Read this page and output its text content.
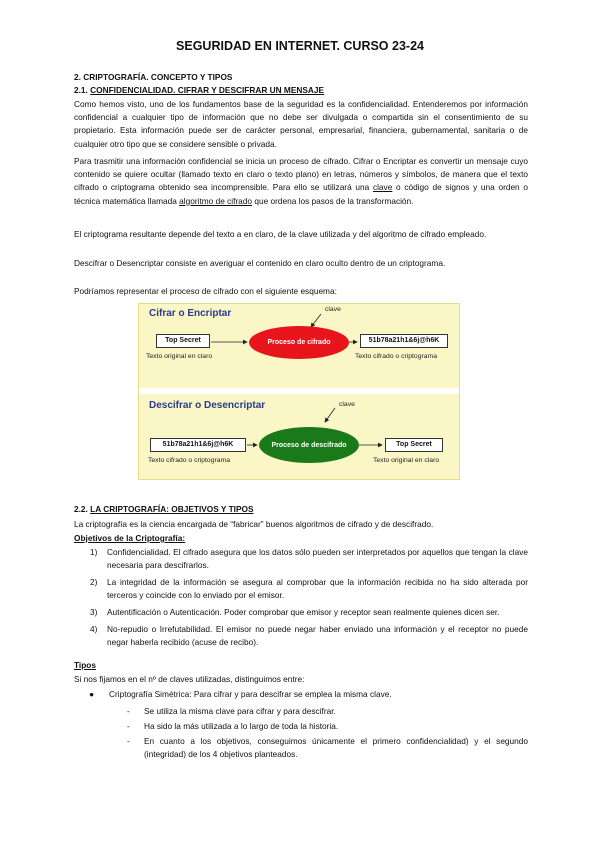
SEGURIDAD EN INTERNET. CURSO 23-24
2. CRIPTOGRAFÍA. CONCEPTO Y TIPOS
2.1. CONFIDENCIALIDAD. CIFRAR Y DESCIFRAR UN MENSAJE
Como hemos visto, uno de los fundamentos base de la seguridad es la confidencialidad. Entenderemos por información confidencial a cualquier tipo de información que no debe ser divulgada o compartida sin el consentimiento de su propietario. Esta información puede ser de carácter personal, empresarial, financiera, gubernamental, sanitaria o de cualquier otro tipo que se considere sensible o privada.
Para trasmitir una información confidencial se inicia un proceso de cifrado. Cifrar o Encriptar es convertir un mensaje cuyo contenido se quiere ocultar (llamado texto en claro o texto plano) en letras, números y símbolos, de manera que el texto cifrado o criptograma obtenido sea incomprensible. Para ello se utilizará una clave o código de signos y una orden o técnica matemática llamada algoritmo de cifrado que ordena los pasos de la transformación.
El criptograma resultante depende del texto a en claro, de la clave utilizada y del algoritmo de cifrado empleado.
Descifrar o Desencriptar consiste en averiguar el contenido en claro oculto dentro de un criptograma.
Podríamos representar el proceso de cifrado con el siguiente esquema:
Cifrar o Encriptar
Descifrar o Desencriptar
clave
clave
Top Secret
Texto original en claro
Proceso de cifrado	51b78a21h1&6j@h6K
Texto cifrado o criptograma
51b78a21h1&6j@h6K
Texto cifrado o criptograma
Proceso de descifrado	Top Secret
Texto original en claro
2.2. LA CRIPTOGRAFÍA: OBJETIVOS Y TIPOS
La criptografía es la ciencia encargada de “fabricar” buenos algoritmos de cifrado y de descifrado.
Objetivos de la Criptografía:
1) Confidencialidad. El cifrado asegura que los datos sólo pueden ser interpretados por aquellos que tengan la clave necesaria para descifrarlos.
2) La integridad de la información se asegura al comprobar que la información recibida no ha sido alterada por terceros y coincide con lo enviado por el emisor.
3) Autentificación o Autenticación. Poder comprobar que emisor y receptor sean realmente quienes dicen ser.
4) No-repudio o Irrefutabilidad. El emisor no puede negar haber enviado una información y el receptor no puede negar haberla recibido (acuse de recibo).
Tipos
Si nos fijamos en el nº de claves utilizadas, distinguimos entre:
● Criptografía Simétrica: Para cifrar y para descifrar se emplea la misma clave.
- Se utiliza la misma clave para cifrar y para descifrar.
- Ha sido la más utilizada a lo largo de toda la historia.
- En cuanto a los objetivos, conseguimos únicamente el primero confidencialidad) y el segundo (integridad) de los 4 objetivos planteados.
